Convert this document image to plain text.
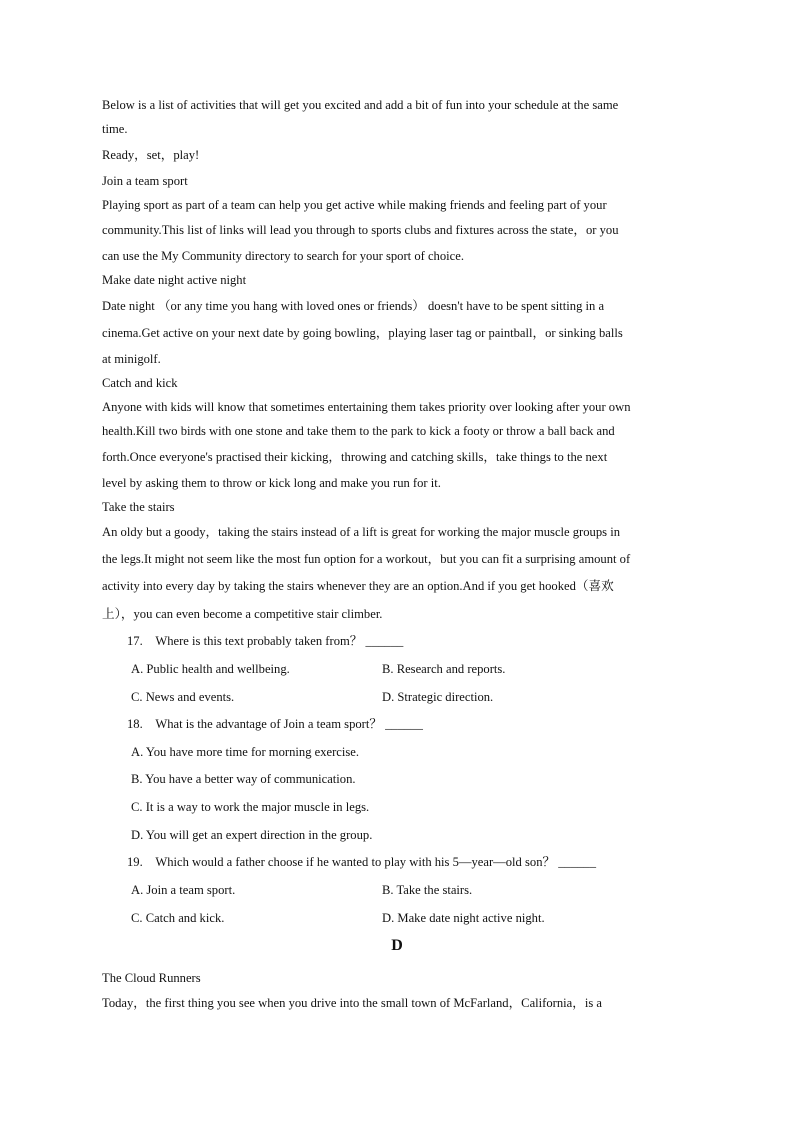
Below is a list of activities that will get you excited and add a bit of fun into your schedule at the same
time.
Ready，set，play!
Join a team sport
Playing sport as part of a team can help you get active while making friends and feeling part of your
community.This list of links will lead you through to sports clubs and fixtures across the state，or you
can use the My Community directory to search for your sport of choice.
Make date night active night
Date night （or any time you hang with loved ones or friends） doesn't have to be spent sitting in a
cinema.Get active on your next date by going bowling，playing laser tag or paintball，or sinking balls
at minigolf.
Catch and kick
Anyone with kids will know that sometimes entertaining them takes priority over looking after your own
health.Kill two birds with one stone and take them to the park to kick a footy or throw a ball back and
forth.Once everyone's practised their kicking，throwing and catching skills，take things to the next
level by asking them to throw or kick long and make you run for it.
Take the stairs
An oldy but a goody，taking the stairs instead of a lift is great for working the major muscle groups in
the legs.It might not seem like the most fun option for a workout，but you can fit a surprising amount of
activity into every day by taking the stairs whenever they are an option.And if you get hooked（喜欢
上），you can even become a competitive stair climber.
17.　Where is this text probably taken from？ ______
A. Public health and wellbeing.	B. Research and reports.
C. News and events.	D. Strategic direction.
18.　What is the advantage of Join a team sport？ ______
A. You have more time for morning exercise.
B. You have a better way of communication.
C. It is a way to work the major muscle in legs.
D. You will get an expert direction in the group.
19.　Which would a father choose if he wanted to play with his 5—year—old son？ ______
A. Join a team sport.	B. Take the stairs.
C. Catch and kick.	D. Make date night active night.
D
The Cloud Runners
Today，the first thing you see when you drive into the small town of McFarland，California，is a
